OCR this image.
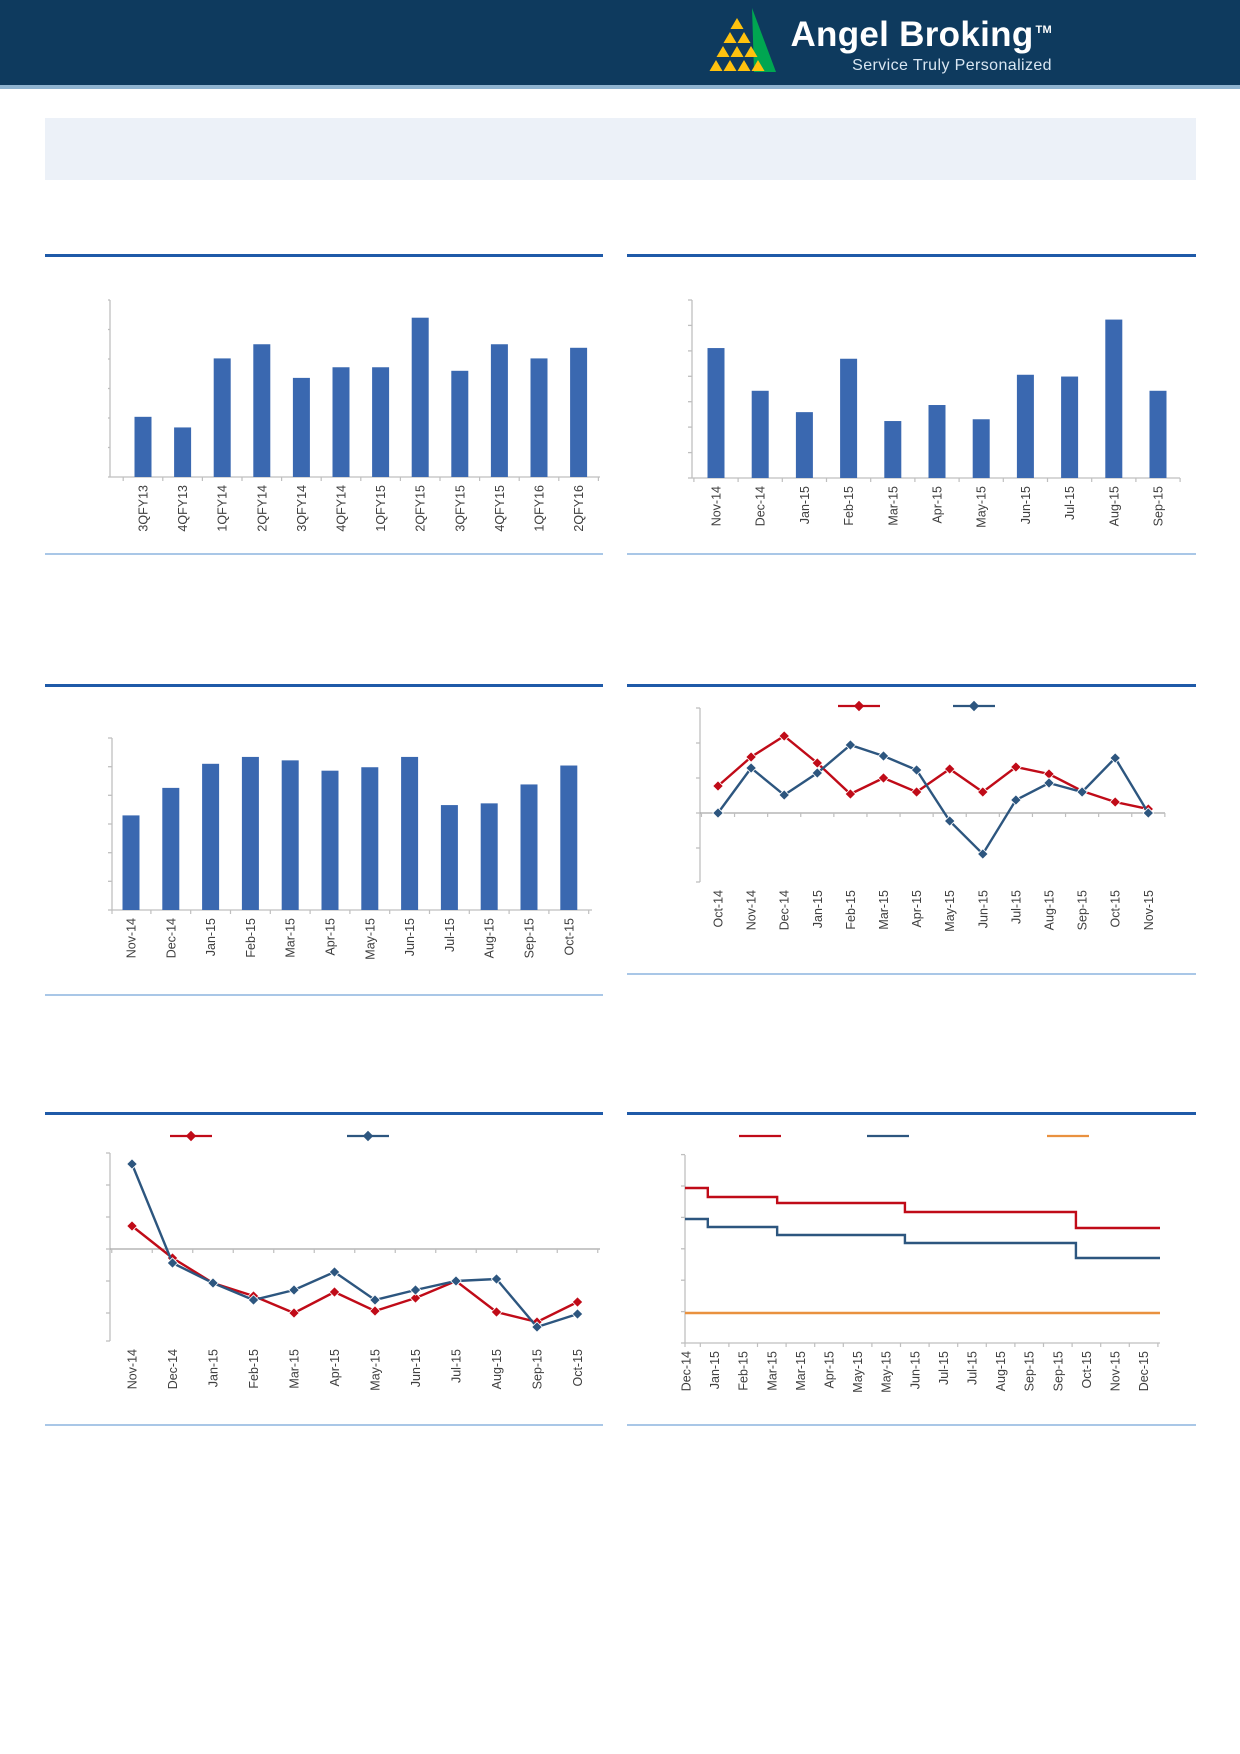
Angel Broking ™
Service Truly Personalized
3QFY13 4QFY13 1QFY14 2QFY14 3QFY14 4QFY14 1QFY15 2QFY15 3QFY15 4QFY15 1QFY16 2QFY16	Nov-14 Dec-14 Jan-15 Feb-15 Mar-15 Apr-15 May-15 Jun-15 Jul-15 Aug-15 Sep-15
Nov-14 Dec-14 Jan-15 Feb-15 Mar-15 Apr-15 May-15 Jun-15 Jul-15 Aug-15 Sep-15 Oct-15
Oct-14 Nov-14 Dec-14 Jan-15 Feb-15 Mar-15 Apr-15 May-15 Jun-15 Jul-15 Aug-15 Sep-15 Oct-15 Nov-15
Nov-14 Dec-14 Jan-15 Feb-15 Mar-15 Apr-15 May-15 Jun-15 Jul-15 Aug-15 Sep-15 Oct-15	Dec-14 Jan-15 Feb-15 Mar-15 Mar-15 Apr-15 May-15 May-15 Jun-15 Jul-15 Jul-15 Aug-15 Sep-15 Sep-15 Oct-15 Nov-15 Dec-15
